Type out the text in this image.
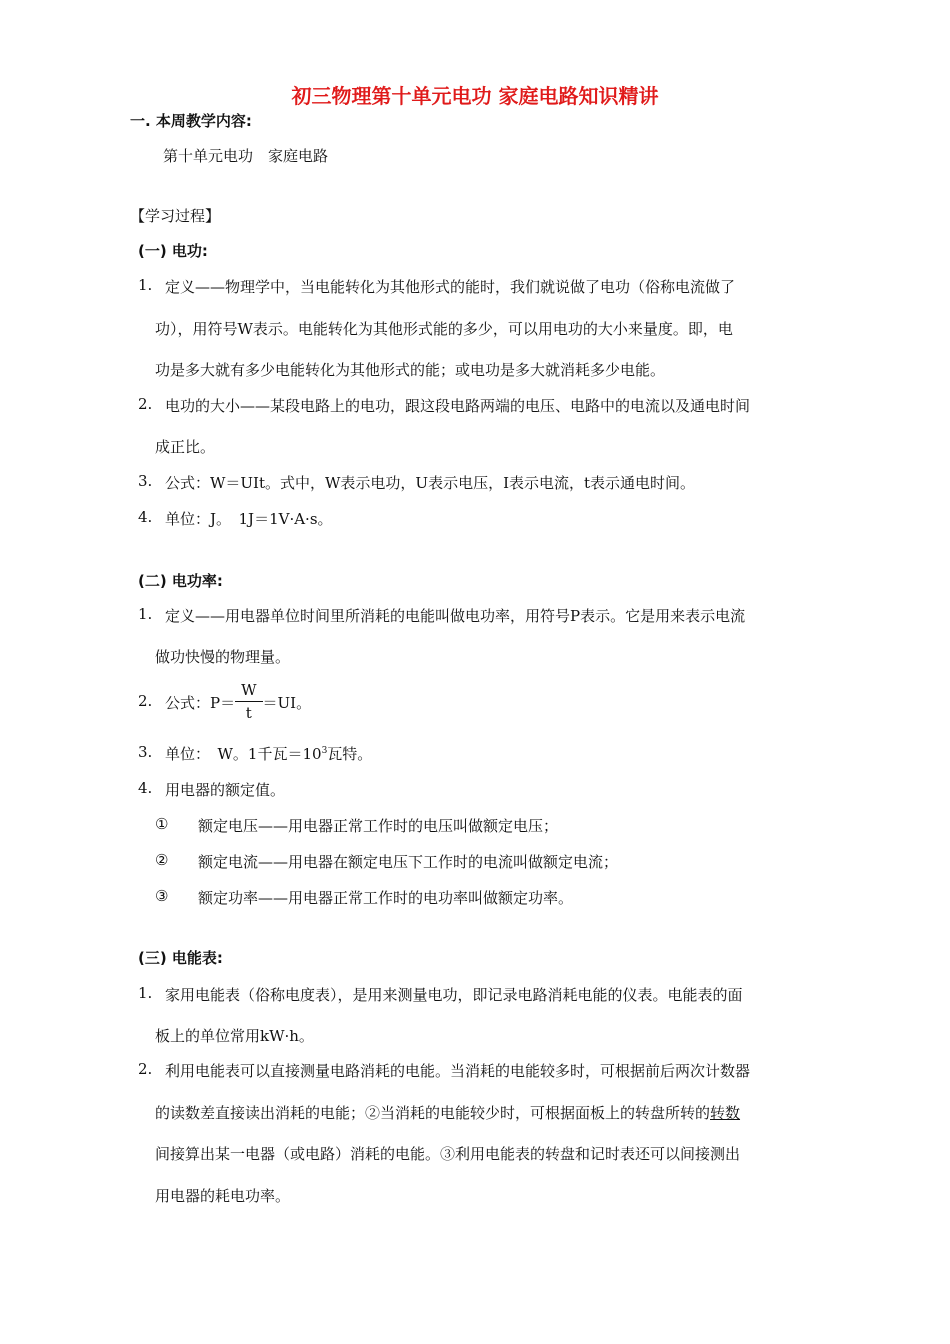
初三物理第十单元电功 家庭电路知识精讲
一. 本周教学内容:
第十单元电功　家庭电路
【学习过程】
(一) 电功:
1. 定义——物理学中，当电能转化为其他形式的能时，我们就说做了电功（俗称电流做了
功），用符号W表示。电能转化为其他形式能的多少，可以用电功的大小来量度。即，电
功是多大就有多少电能转化为其他形式的能；或电功是多大就消耗多少电能。
2. 电功的大小——某段电路上的电功，跟这段电路两端的电压、电路中的电流以及通电时间
成正比。
3. 公式：W＝UIt。式中，W表示电功，U表示电压，I表示电流，t表示通电时间。
4. 单位：J。　1J＝1V·A·s。
(二) 电功率:
1. 定义——用电器单位时间里所消耗的电能叫做电功率，用符号P表示。它是用来表示电流
做功快慢的物理量。
2. 公式：$P= \frac{W}{t} =UI$。
3. 单位：　W。1千瓦$=10^3$瓦特。
4. 用电器的额定值。
① 额定电压——用电器正常工作时的电压叫做额定电压；
② 额定电流——用电器在额定电压下工作时的电流叫做额定电流；
③ 额定功率——用电器正常工作时的电功率叫做额定功率。
(三) 电能表:
1. 家用电能表（俗称电度表），是用来测量电功，即记录电路消耗电能的仪表。电能表的面
板上的单位常用kW·h。
2. 利用电能表可以直接测量电路消耗的电能。当消耗的电能较多时，可根据前后两次计数器
的读数差直接读出消耗的电能；②当消耗的电能较少时，可根据面板上的转盘所转的转数
间接算出某一电器（或电路）消耗的电能。③利用电能表的转盘和记时表还可以间接测出
用电器的耗电功率。
